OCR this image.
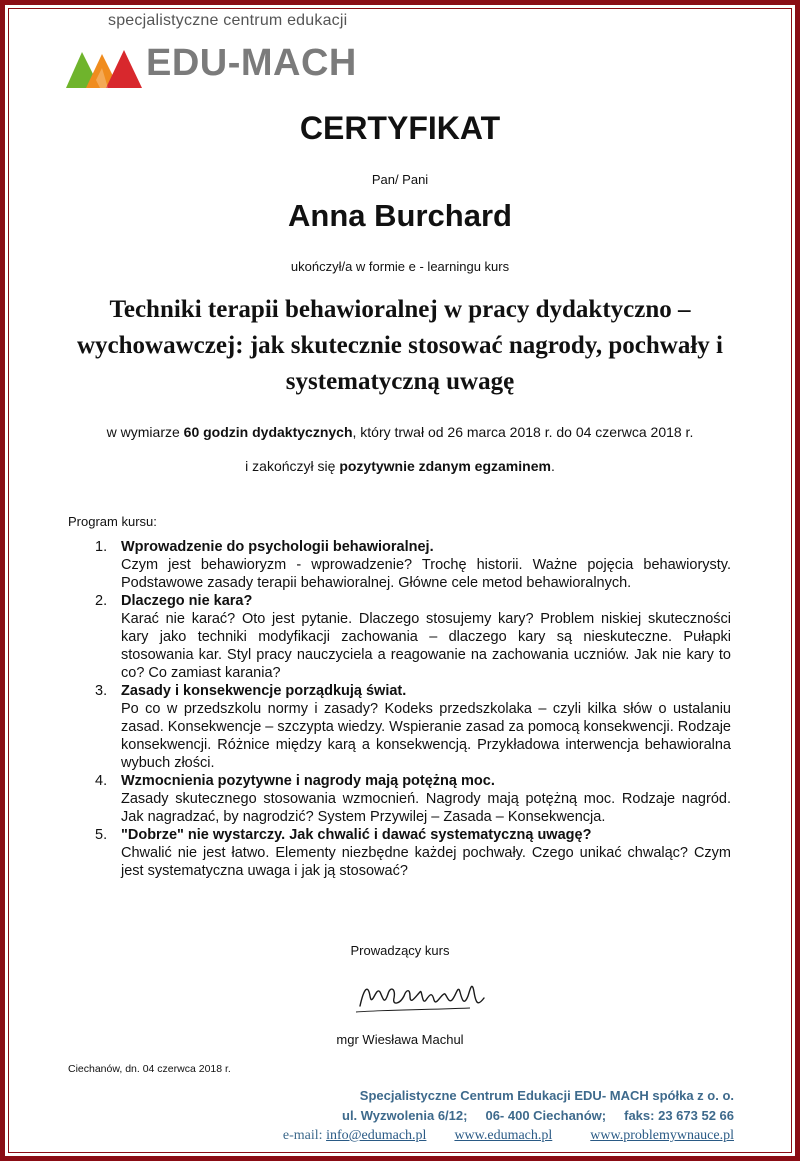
specjalistyczne centrum edukacji
EDU-MACH
CERTYFIKAT
Pan/ Pani
Anna Burchard
ukończył/a w formie e - learningu kurs
Techniki terapii behawioralnej w pracy dydaktyczno – wychowawczej: jak skutecznie stosować nagrody, pochwały i systematyczną uwagę
w wymiarze 60 godzin dydaktycznych, który trwał od 26 marca 2018 r. do 04 czerwca 2018 r.
i zakończył się pozytywnie zdanym egzaminem.
Program kursu:
1. Wprowadzenie do psychologii behawioralnej.
Czym jest behawioryzm - wprowadzenie? Trochę historii. Ważne pojęcia behawiorysty. Podstawowe zasady terapii behawioralnej. Główne cele metod behawioralnych.
2. Dlaczego nie kara?
Karać nie karać? Oto jest pytanie. Dlaczego stosujemy kary? Problem niskiej skuteczności kary jako techniki modyfikacji zachowania – dlaczego kary są nieskuteczne. Pułapki stosowania kar. Styl pracy nauczyciela a reagowanie na zachowania uczniów. Jak nie kary to co? Co zamiast karania?
3. Zasady i konsekwencje porządkują świat.
Po co w przedszkolu normy i zasady? Kodeks przedszkolaka – czyli kilka słów o ustalaniu zasad. Konsekwencje – szczypta wiedzy. Wspieranie zasad za pomocą konsekwencji. Rodzaje konsekwencji. Różnice między karą a konsekwencją. Przykładowa interwencja behawioralna wybuch złości.
4. Wzmocnienia pozytywne i nagrody mają potężną moc.
Zasady skutecznego stosowania wzmocnień. Nagrody mają potężną moc. Rodzaje nagród. Jak nagradzać, by nagrodzić? System Przywilej – Zasada – Konsekwencja.
5. "Dobrze" nie wystarczy. Jak chwalić i dawać systematyczną uwagę?
Chwalić nie jest łatwo. Elementy niezbędne każdej pochwały. Czego unikać chwaląc? Czym jest systematyczna uwaga i jak ją stosować?
Prowadzący kurs
mgr Wiesława Machul
Ciechanów, dn. 04 czerwca 2018 r.
Specjalistyczne Centrum Edukacji EDU- MACH spółka z o. o.
ul. Wyzwolenia 6/12; 06- 400 Ciechanów; faks: 23 673 52 66
e-mail: info@edumach.pl www.edumach.pl	www.problemywnauce.pl
